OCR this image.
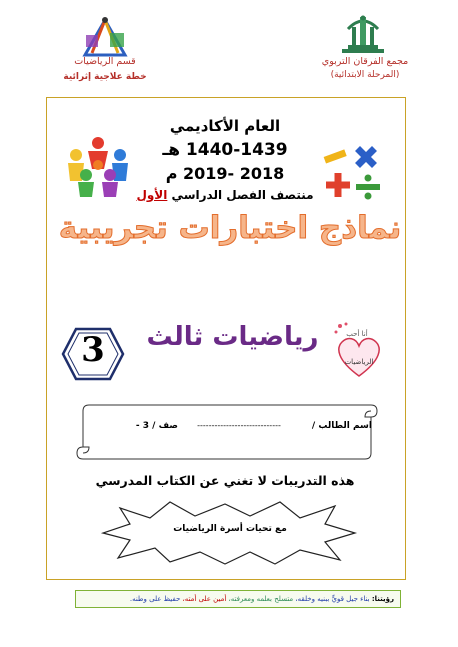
مجمع الفرقان التربوي
(المرحلة الابتدائية)
قسم الرياضيات
خطة علاجية إثرائية
العام الأكاديمي
1440-1439 هـ
2018 -2019 م
منتصف الفصل الدراسي الأول
نماذج اختبارات تجريبية
3	رياضيات ثالث	أنا أحب
الرياضيات
اسم الطالب /
-----------------------------
صف / 3 -
هذه التدريبات لا تغني عن الكتاب المدرسي
مع تحيات أسرة الرياضيات
رؤيتنا: بناء جيل قويٍّ ببنيه وخلقه، متسلح بعلمه ومعرفته، أمين على أمته، حفيظ على وطنه.
